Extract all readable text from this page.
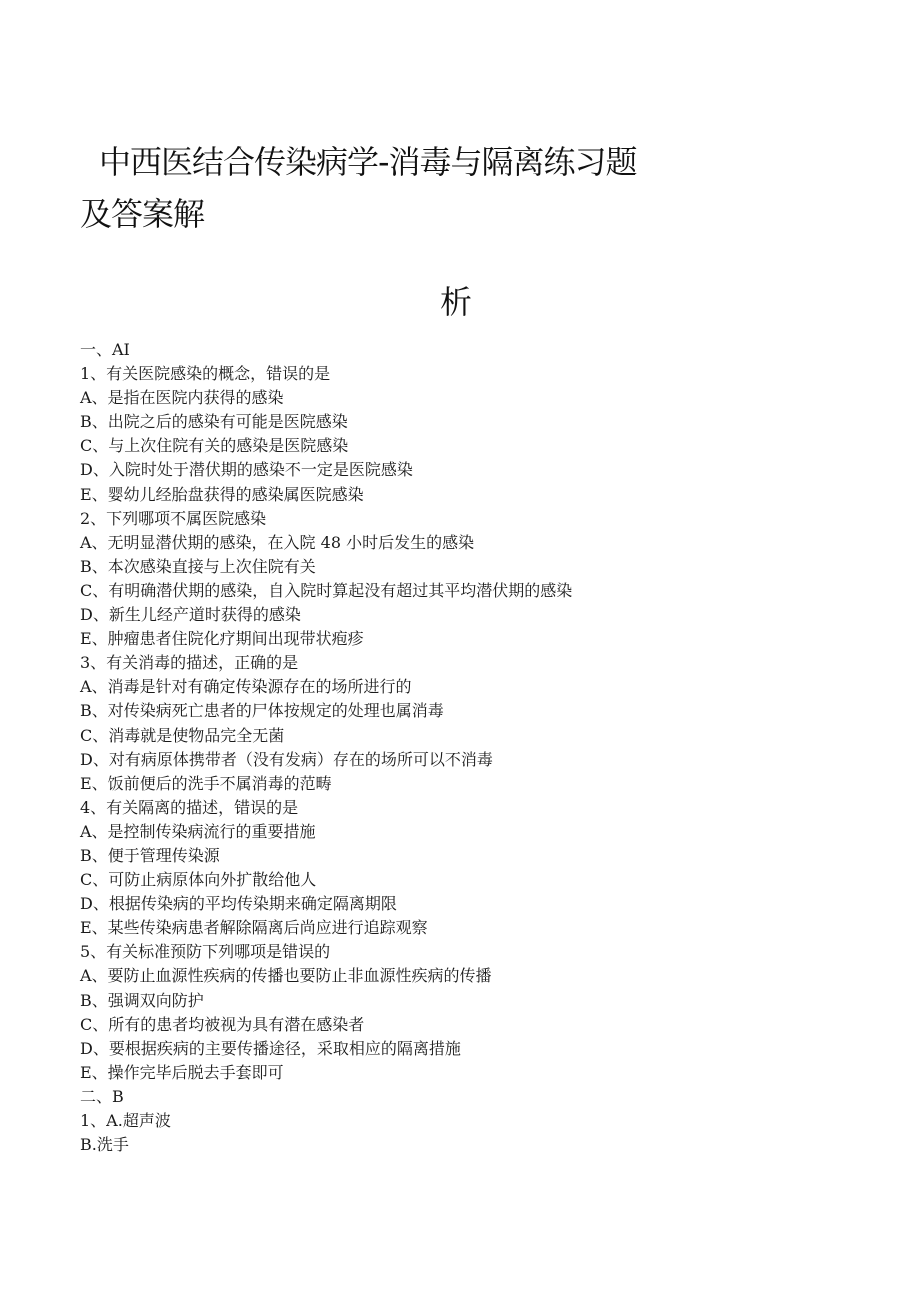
中西医结合传染病学-消毒与隔离练习题
及答案解
析
一、AI
1、有关医院感染的概念，错误的是
A、是指在医院内获得的感染
B、出院之后的感染有可能是医院感染
C、与上次住院有关的感染是医院感染
D、入院时处于潜伏期的感染不一定是医院感染
E、婴幼儿经胎盘获得的感染属医院感染
2、下列哪项不属医院感染
A、无明显潜伏期的感染，在入院 48 小时后发生的感染
B、本次感染直接与上次住院有关
C、有明确潜伏期的感染，自入院时算起没有超过其平均潜伏期的感染
D、新生儿经产道时获得的感染
E、肿瘤患者住院化疗期间出现带状疱疹
3、有关消毒的描述，正确的是
A、消毒是针对有确定传染源存在的场所进行的
B、对传染病死亡患者的尸体按规定的处理也属消毒
C、消毒就是使物品完全无菌
D、对有病原体携带者（没有发病）存在的场所可以不消毒
E、饭前便后的洗手不属消毒的范畴
4、有关隔离的描述，错误的是
A、是控制传染病流行的重要措施
B、便于管理传染源
C、可防止病原体向外扩散给他人
D、根据传染病的平均传染期来确定隔离期限
E、某些传染病患者解除隔离后尚应进行追踪观察
5、有关标准预防下列哪项是错误的
A、要防止血源性疾病的传播也要防止非血源性疾病的传播
B、强调双向防护
C、所有的患者均被视为具有潜在感染者
D、要根据疾病的主要传播途径，采取相应的隔离措施
E、操作完毕后脱去手套即可
二、B
1、A.超声波
B.洗手
